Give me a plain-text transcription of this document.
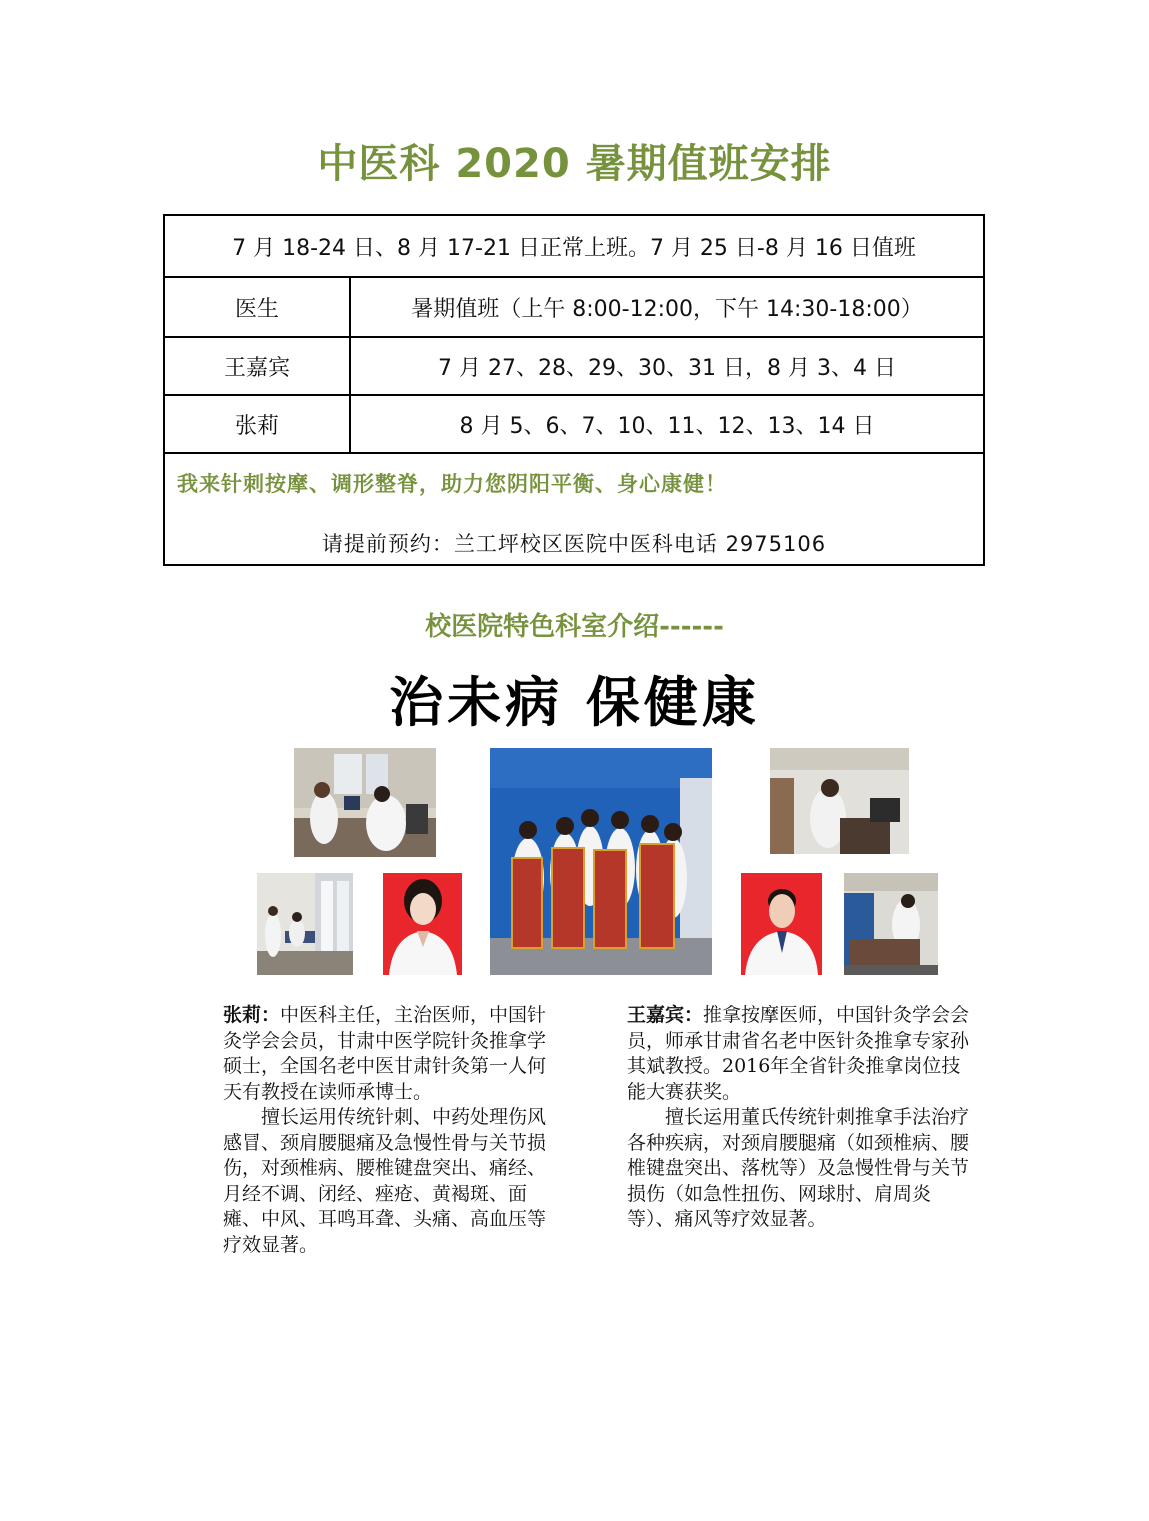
中医科 2020 暑期值班安排
7 月 18-24 日、8 月 17-21 日正常上班。7 月 25 日-8 月 16 日值班	
医生	暑期值班（上午 8:00-12:00，下午 14:30-18:00）
王嘉宾	7 月 27、28、29、30、31 日，8 月 3、4 日
张莉	8 月 5、6、7、10、11、12、13、14 日

我来针刺按摩、调形整脊，助力您阴阳平衡、身心康健！
请提前预约：兰工坪校区医院中医科电话 2975106	
校医院特色科室介绍------
治未病 保健康

张莉：中医科主任，主治医师，中国针灸学会会员，甘肃中医学院针灸推拿学硕士，全国名老中医甘肃针灸第一人何天有教授在读师承博士。

擅长运用传统针刺、中药处理伤风感冒、颈肩腰腿痛及急慢性骨与关节损伤，对颈椎病、腰椎键盘突出、痛经、月经不调、闭经、痤疮、黄褐斑、面瘫、中风、耳鸣耳聋、头痛、高血压等疗效显著。

王嘉宾：推拿按摩医师，中国针灸学会会员，师承甘肃省名老中医针灸推拿专家孙其斌教授。2016年全省针灸推拿岗位技能大赛获奖。

擅长运用董氏传统针刺推拿手法治疗各种疾病，对颈肩腰腿痛（如颈椎病、腰椎键盘突出、落枕等）及急慢性骨与关节损伤（如急性扭伤、网球肘、肩周炎等）、痛风等疗效显著。
